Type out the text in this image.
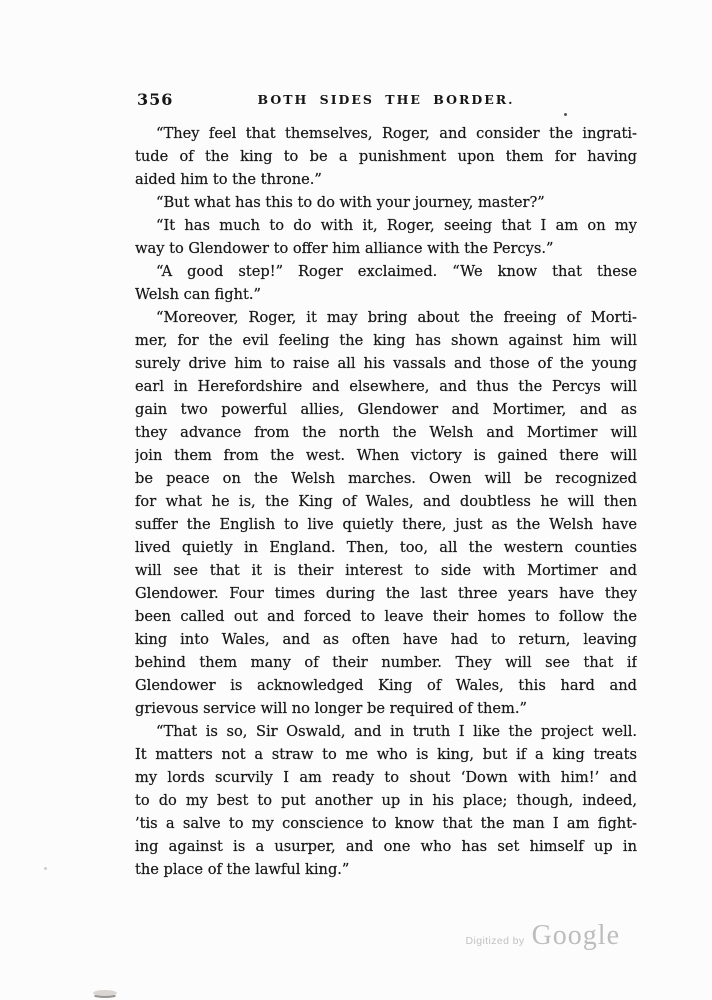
356	BOTH SIDES THE BORDER.
“They feel that themselves, Roger, and consider the ingrati-
tude of the king to be a punishment upon them for having
aided him to the throne.”
“But what has this to do with your journey, master?”
“It has much to do with it, Roger, seeing that I am on my
way to Glendower to offer him alliance with the Percys.”
“A good step!” Roger exclaimed. “We know that these
Welsh can fight.”
“Moreover, Roger, it may bring about the freeing of Morti-
mer, for the evil feeling the king has shown against him will
surely drive him to raise all his vassals and those of the young
earl in Herefordshire and elsewhere, and thus the Percys will
gain two powerful allies, Glendower and Mortimer, and as
they advance from the north the Welsh and Mortimer will
join them from the west. When victory is gained there will
be peace on the Welsh marches. Owen will be recognized
for what he is, the King of Wales, and doubtless he will then
suffer the English to live quietly there, just as the Welsh have
lived quietly in England. Then, too, all the western counties
will see that it is their interest to side with Mortimer and
Glendower. Four times during the last three years have they
been called out and forced to leave their homes to follow the
king into Wales, and as often have had to return, leaving
behind them many of their number. They will see that if
Glendower is acknowledged King of Wales, this hard and
grievous service will no longer be required of them.”
“That is so, Sir Oswald, and in truth I like the project well.
It matters not a straw to me who is king, but if a king treats
my lords scurvily I am ready to shout ‘Down with him!’ and
to do my best to put another up in his place; though, indeed,
’tis a salve to my conscience to know that the man I am fight-
ing against is a usurper, and one who has set himself up in
the place of the lawful king.”
Digitized by Google
